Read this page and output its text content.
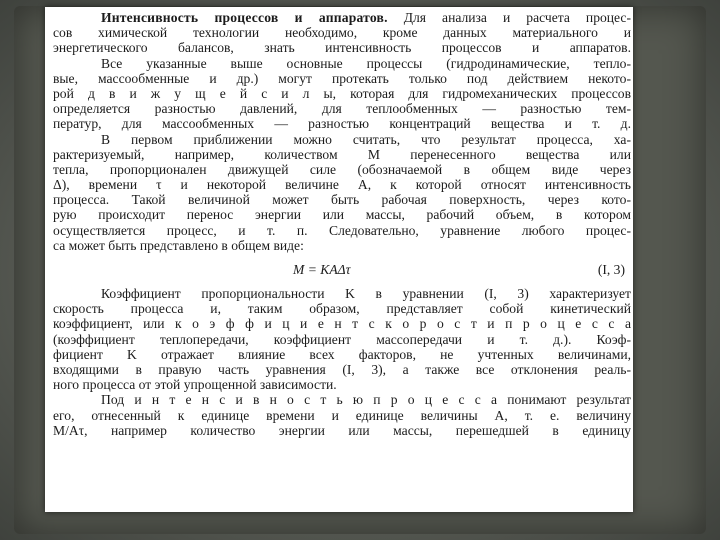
Интенсивность процессов и аппаратов. Для анализа и расчета процес-
сов химической технологии необходимо, кроме данных материального и
энергетического балансов, знать интенсивность процессов и аппаратов.
Все указанные выше основные процессы (гидродинамические, тепло-
вые, массообменные и др.) могут протекать только под действием некото-
рой д в и ж у щ е й с и л ы, которая для гидромеханических процессов
определяется разностью давлений, для теплообменных — разностью тем-
ператур, для массообменных — разностью концентраций вещества и т. д.
В первом приближении можно считать, что результат процесса, ха-
рактеризуемый, например, количеством M перенесенного вещества или
тепла, пропорционален движущей силе (обозначаемой в общем виде через
Δ), времени τ и некоторой величине A, к которой относят интенсивность
процесса. Такой величиной может быть рабочая поверхность, через кото-
рую происходит перенос энергии или массы, рабочий объем, в котором
осуществляется процесс, и т. п. Следовательно, уравнение любого процес-
са может быть представлено в общем виде:
M = KAΔτ	(I, 3)
Коэффициент пропорциональности K в уравнении (I, 3) характеризует
скорость процесса и, таким образом, представляет собой кинетический
коэффициент, или к о э ф ф и ц и е н т с к о р о с т и п р о ц е с с а
(коэффициент теплопередачи, коэффициент массопередачи и т. д.). Коэф-
фициент K отражает влияние всех факторов, не учтенных величинами,
входящими в правую часть уравнения (I, 3), а также все отклонения реаль-
ного процесса от этой упрощенной зависимости.
Под и н т е н с и в н о с т ь ю п р о ц е с с а понимают результат
его, отнесенный к единице времени и единице величины A, т. е. величину
M/Aτ, например количество энергии или массы, перешедшей в единицу
